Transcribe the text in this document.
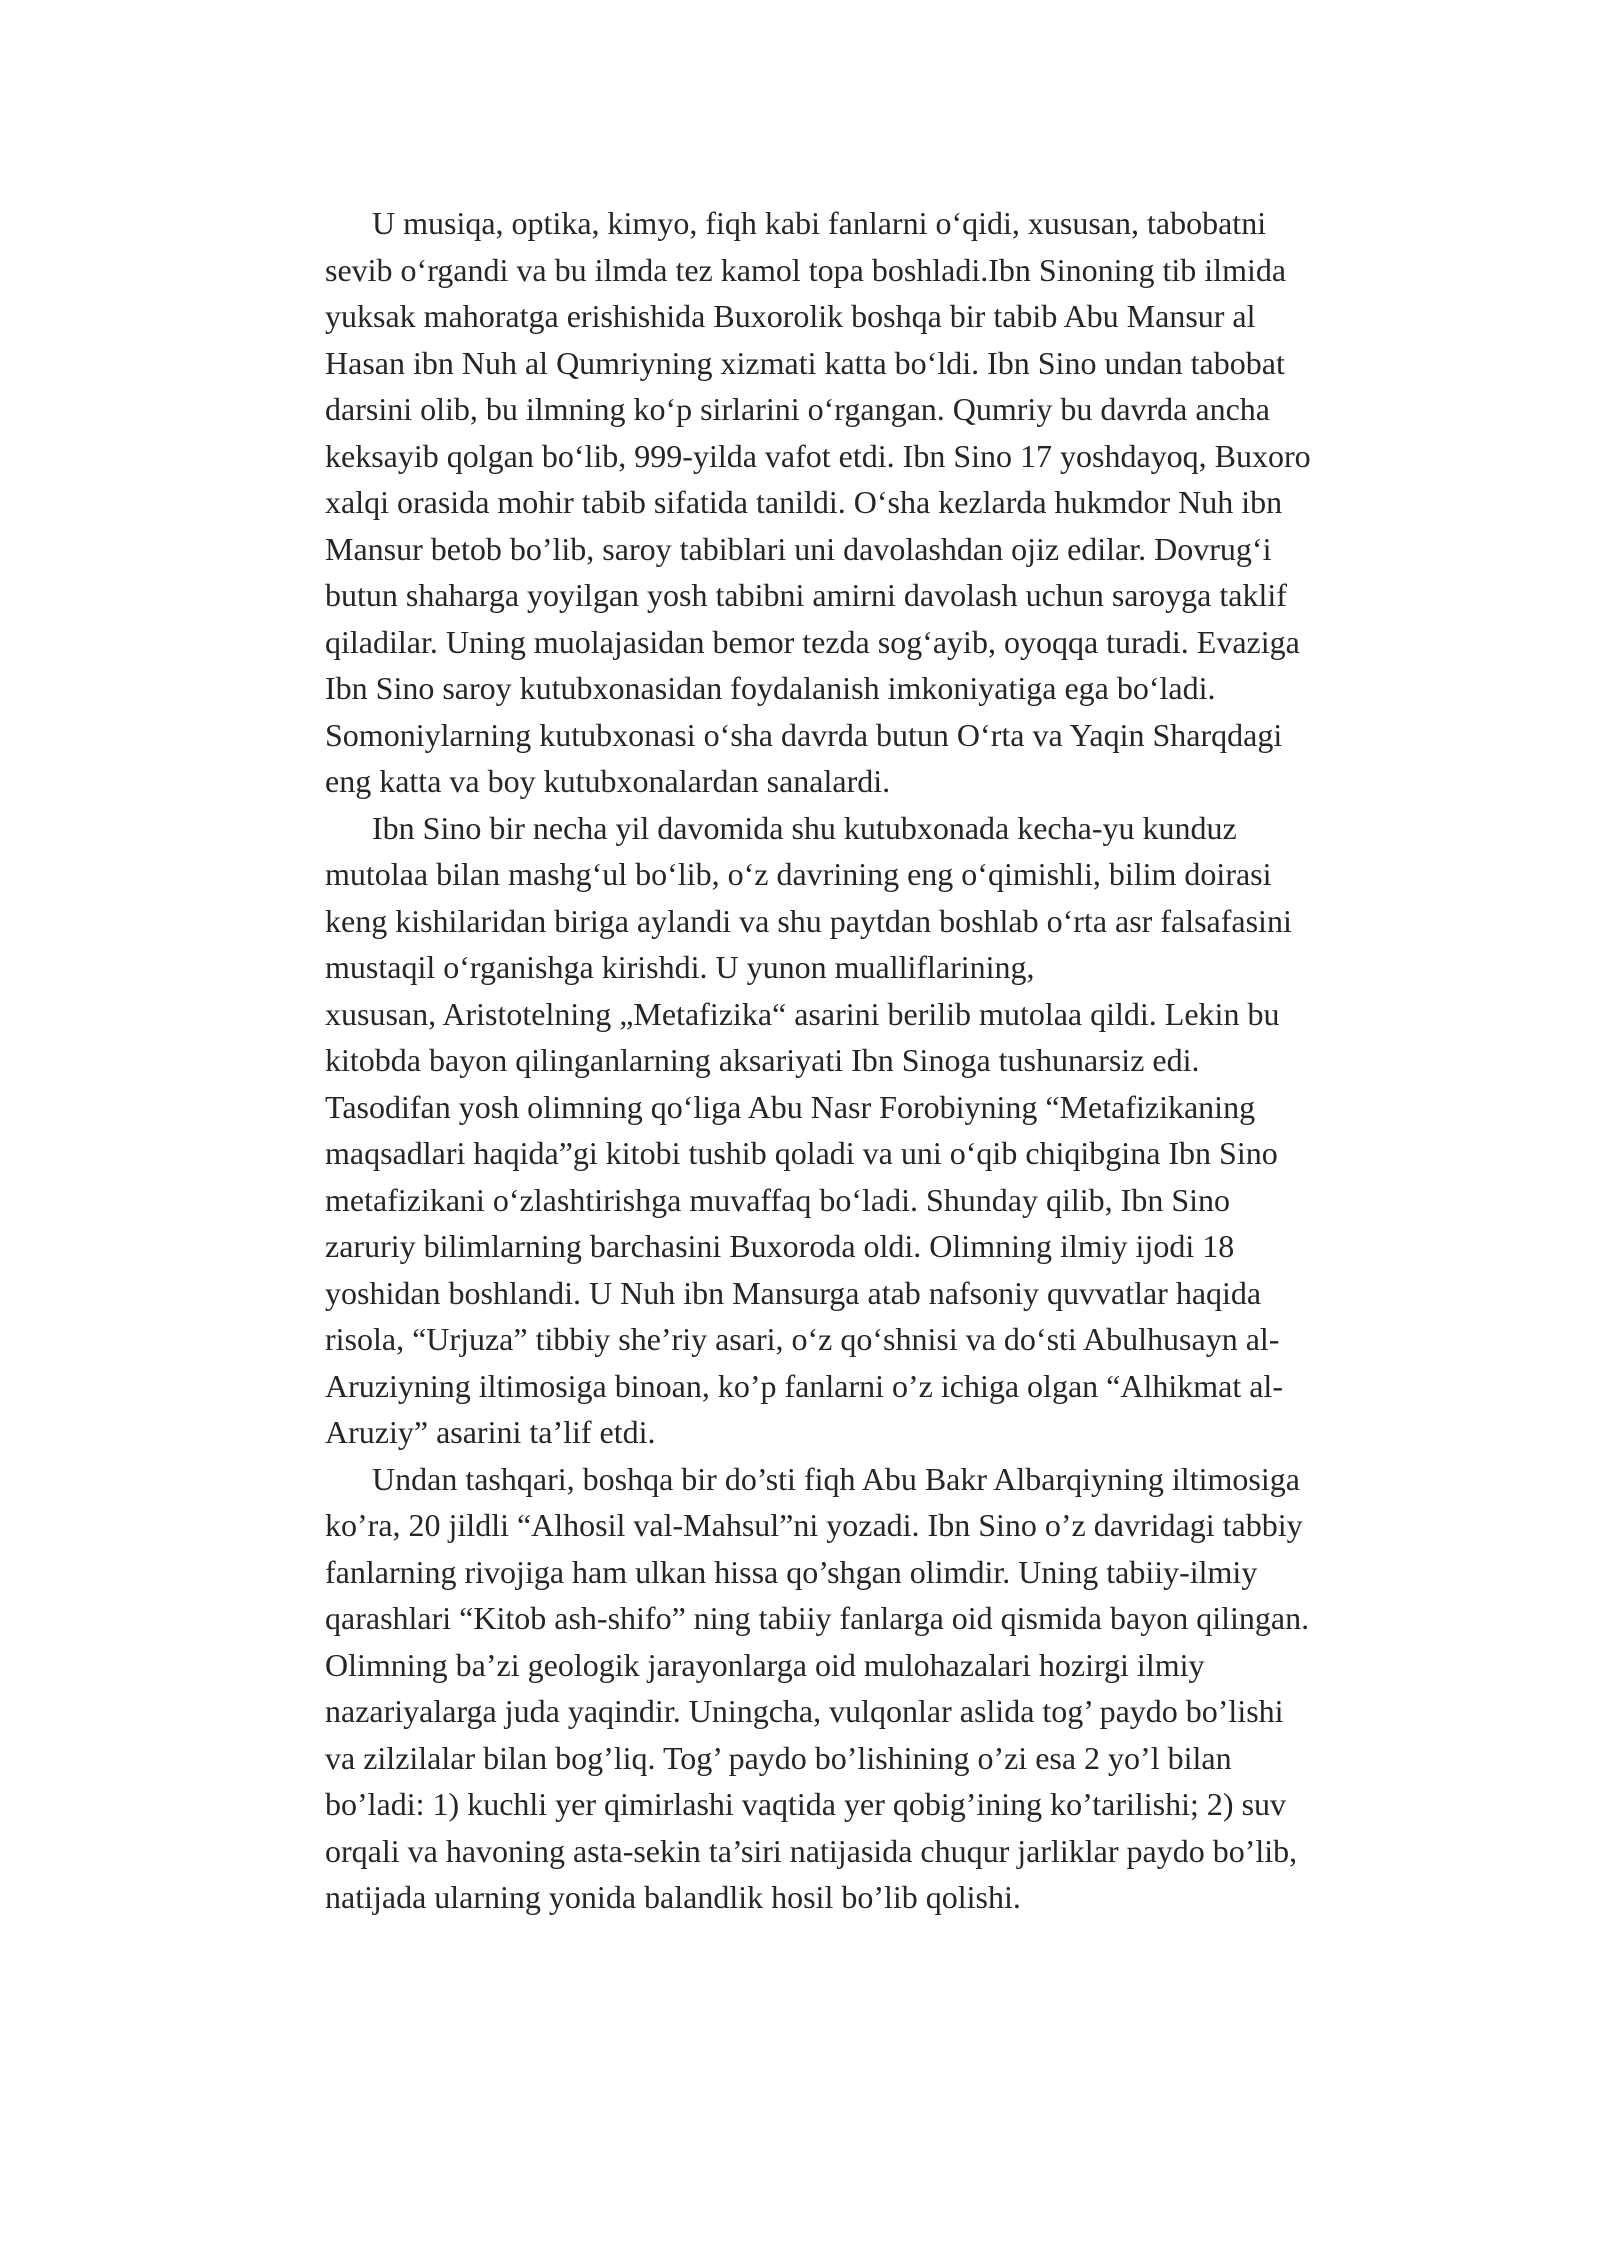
U musiqa, optika, kimyo, fiqh kabi fanlarni o‘qidi, xususan, tabobatni
sevib o‘rgandi va bu ilmda tez kamol topa boshladi.Ibn Sinoning tib ilmida
yuksak mahoratga erishishida Buxorolik boshqa bir tabib Abu Mansur al
Hasan ibn Nuh al Qumriyning xizmati katta bo‘ldi. Ibn Sino undan tabobat
darsini olib, bu ilmning ko‘p sirlarini o‘rgangan. Qumriy bu davrda ancha
keksayib qolgan bo‘lib, 999-yilda vafot etdi. Ibn Sino 17 yoshdayoq, Buxoro
xalqi orasida mohir tabib sifatida tanildi. O‘sha kezlarda hukmdor Nuh ibn
Mansur betob bo’lib, saroy tabiblari uni davolashdan ojiz edilar. Dovrug‘i
butun shaharga yoyilgan yosh tabibni amirni davolash uchun saroyga taklif
qiladilar. Uning muolajasidan bemor tezda sog‘ayib, oyoqqa turadi. Evaziga
Ibn Sino saroy kutubxonasidan foydalanish imkoniyatiga ega bo‘ladi.
Somoniylarning kutubxonasi o‘sha davrda butun O‘rta va Yaqin Sharqdagi
eng katta va boy kutubxonalardan sanalardi.
Ibn Sino bir necha yil davomida shu kutubxonada kecha-yu kunduz
mutolaa bilan mashg‘ul bo‘lib, o‘z davrining eng o‘qimishli, bilim doirasi
keng kishilaridan biriga aylandi va shu paytdan boshlab o‘rta asr falsafasini
mustaqil o‘rganishga kirishdi. U yunon mualliflarining,
xususan, Aristotelning „Metafizika“ asarini berilib mutolaa qildi. Lekin bu
kitobda bayon qilinganlarning aksariyati Ibn Sinoga tushunarsiz edi.
Tasodifan yosh olimning qo‘liga Abu Nasr Forobiyning “Metafizikaning
maqsadlari haqida”gi kitobi tushib qoladi va uni o‘qib chiqibgina Ibn Sino
metafizikani o‘zlashtirishga muvaffaq bo‘ladi. Shunday qilib, Ibn Sino
zaruriy bilimlarning barchasini Buxoroda oldi. Olimning ilmiy ijodi 18
yoshidan boshlandi. U Nuh ibn Mansurga atab nafsoniy quvvatlar haqida
risola, “Urjuza” tibbiy she’riy asari, o‘z qo‘shnisi va do‘sti Abulhusayn al-
Aruziyning iltimosiga binoan, ko’p fanlarni o’z ichiga olgan “Alhikmat al-
Aruziy” asarini ta’lif etdi.
Undan tashqari, boshqa bir do’sti fiqh Abu Bakr Albarqiyning iltimosiga
ko’ra, 20 jildli “Alhosil val-Mahsul”ni yozadi. Ibn Sino o’z davridagi tabbiy
fanlarning rivojiga ham ulkan hissa qo’shgan olimdir. Uning tabiiy-ilmiy
qarashlari “Kitob ash-shifo” ning tabiiy fanlarga oid qismida bayon qilingan.
Olimning ba’zi geologik jarayonlarga oid mulohazalari hozirgi ilmiy
nazariyalarga juda yaqindir. Uningcha, vulqonlar aslida tog’ paydo bo’lishi
va zilzilalar bilan bog’liq. Tog’ paydo bo’lishining o’zi esa 2 yo’l bilan
bo’ladi: 1) kuchli yer qimirlashi vaqtida yer qobig’ining ko’tarilishi; 2) suv
orqali va havoning asta-sekin ta’siri natijasida chuqur jarliklar paydo bo’lib,
natijada ularning yonida balandlik hosil bo’lib qolishi.
